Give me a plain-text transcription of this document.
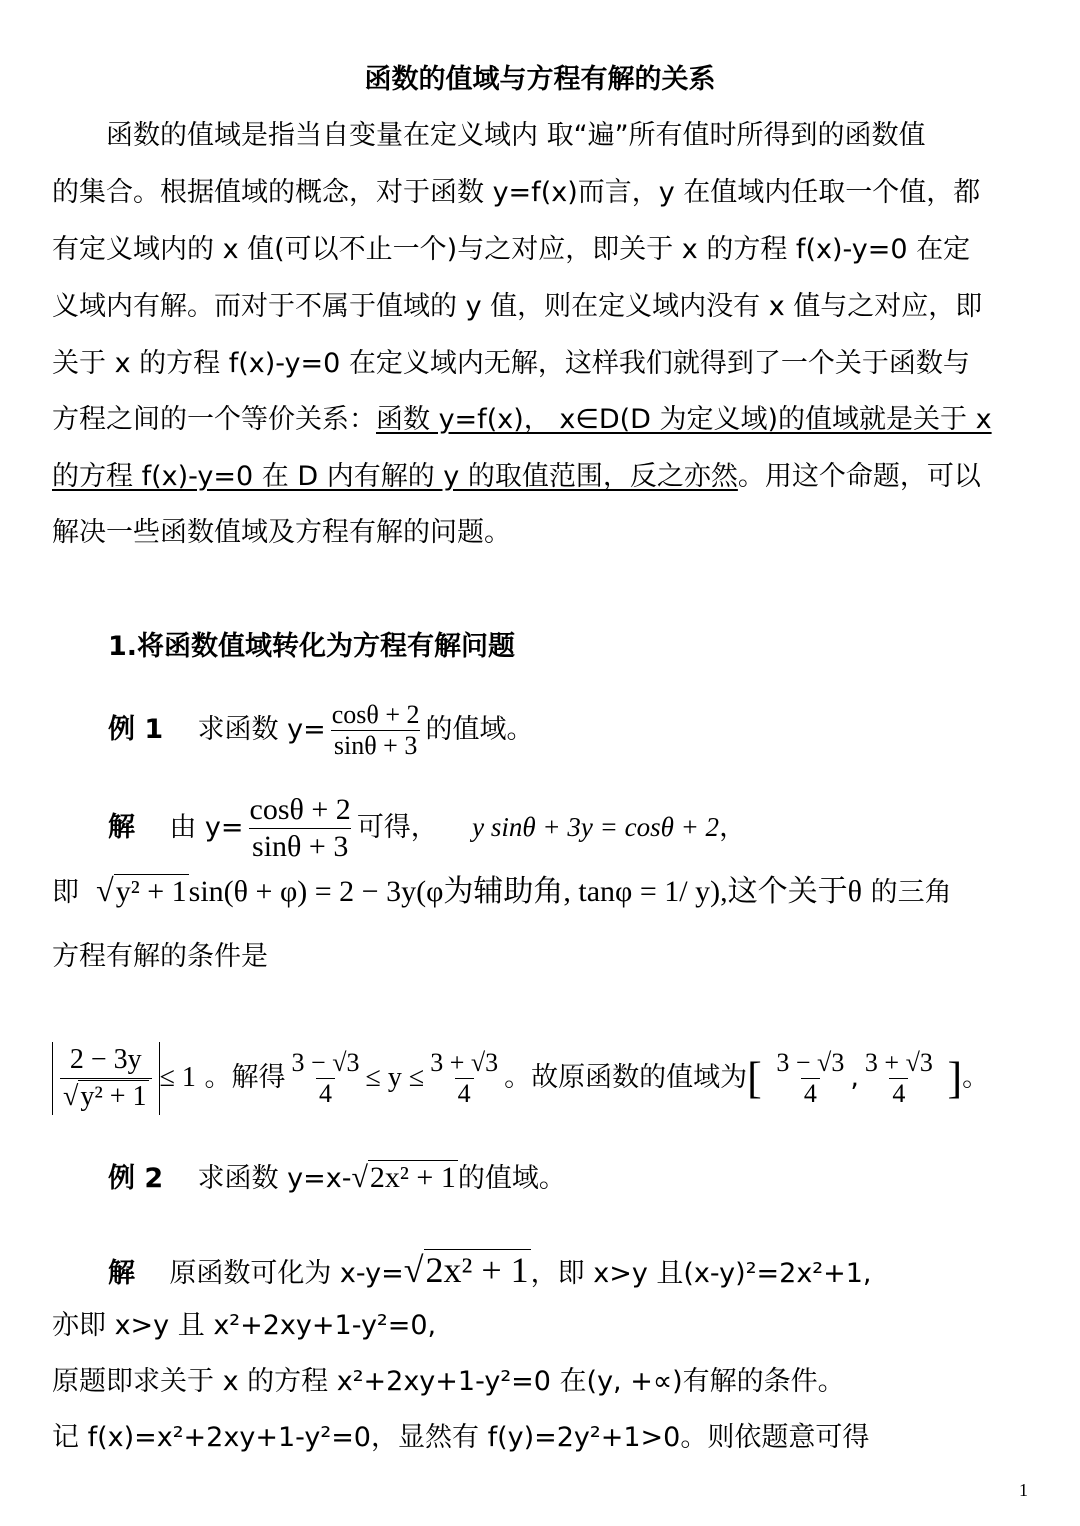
函数的值域与方程有解的关系
函数的值域是指当自变量在定义域内 取“遍”所有值时所得到的函数值
的集合。根据值域的概念，对于函数 y=f(x)而言，y 在值域内任取一个值，都
有定义域内的 x 值(可以不止一个)与之对应，即关于 x 的方程 f(x)-y=0 在定
义域内有解。而对于不属于值域的 y 值，则在定义域内没有 x 值与之对应，即
关于 x 的方程 f(x)-y=0 在定义域内无解，这样我们就得到了一个关于函数与
方程之间的一个等价关系：函数 y=f(x)， x∈D(D 为定义域)的值域就是关于 x
的方程 f(x)-y=0 在 D 内有解的 y 的取值范围，反之亦然。用这个命题，可以
解决一些函数值域及方程有解的问题。
1.将函数值域转化为方程有解问题
例 1 求函数 $y= \frac{\cos\theta + 2}{\sin\theta + 3}$ 的值域。
解 由 $y= \frac{\cos\theta + 2}{\sin\theta + 3}$ 可得， y sinθ + 3y = cosθ + 2，
即 √y² + 1sin(θ + φ) = 2 − 3y(φ为辅助角, tanφ = 1/ y),这个关于θ 的三角
方程有解的条件是
$\frac{2 - 3y}{\text{√y² + 1}} \le 1$ 。解得 $\frac{3 - √3}{4} \le y \le \frac{3 + √3}{4}$ 。故原函数的值域为[ $\frac{3 - √3}{4}$ , $\frac{3 + √3}{4}$ ]。
例 2 求函数 y=x-√2x² + 1的值域。
解 原函数可化为 x-y=√2x² + 1，即 x>y 且(x-y)²=2x²+1,
亦即 x>y 且 x²+2xy+1-y²=0,
原题即求关于 x 的方程 x²+2xy+1-y²=0 在(y, +∝)有解的条件。
记 f(x)=x²+2xy+1-y²=0，显然有 f(y)=2y²+1>0。则依题意可得
1
